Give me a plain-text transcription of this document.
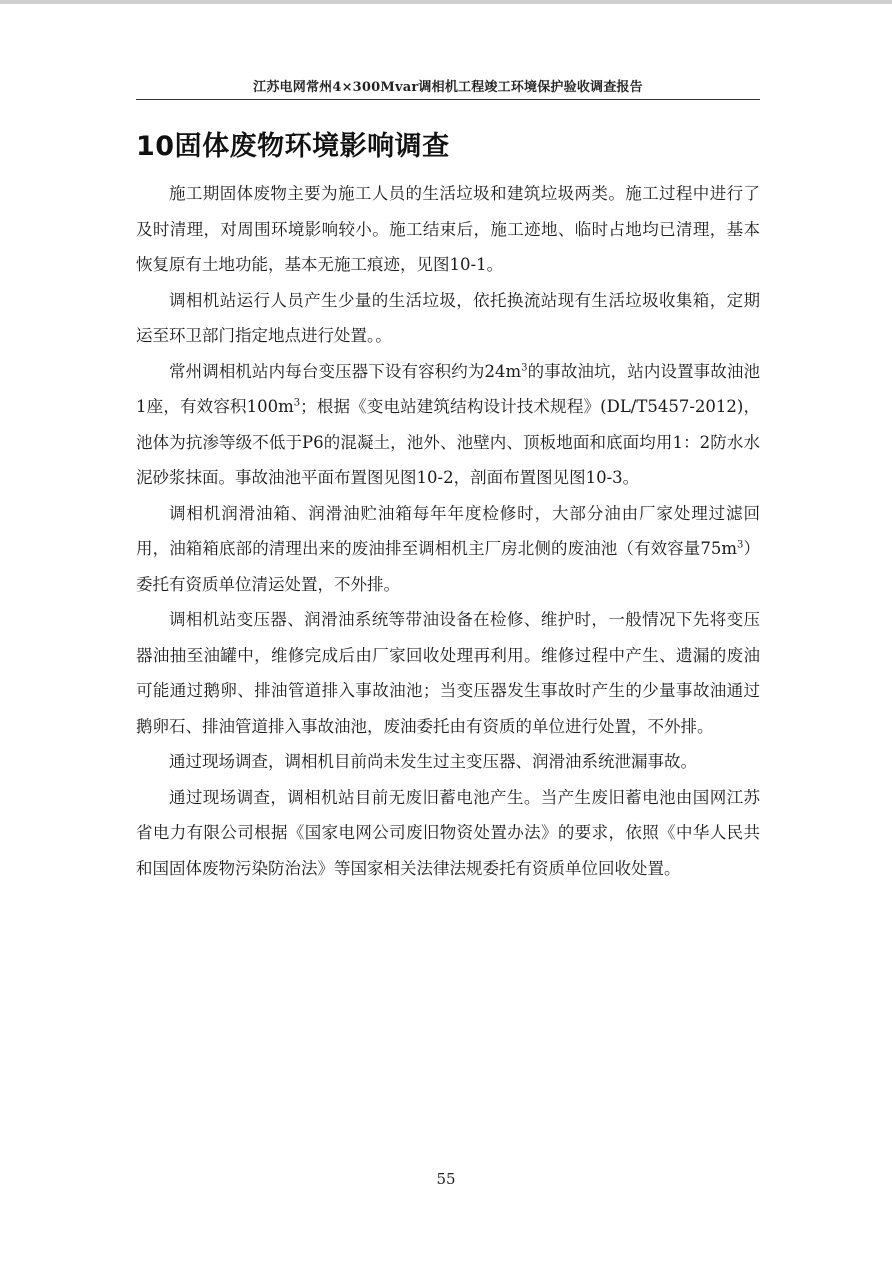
江苏电网常州4×300Mvar调相机工程竣工环境保护验收调查报告
10固体废物环境影响调查

施工期固体废物主要为施工人员的生活垃圾和建筑垃圾两类。施工过程中进行了及时清理，对周围环境影响较小。施工结束后，施工迹地、临时占地均已清理，基本恢复原有土地功能，基本无施工痕迹，见图10-1。

调相机站运行人员产生少量的生活垃圾，依托换流站现有生活垃圾收集箱，定期运至环卫部门指定地点进行处置。。

常州调相机站内每台变压器下设有容积约为$24m^3$的事故油坑，站内设置事故油池1座，有效容积$100m^3$；根据《变电站建筑结构设计技术规程》(DL/T5457-2012)，池体为抗渗等级不低于P6的混凝土，池外、池壁内、顶板地面和底面均用1：2防水水泥砂浆抹面。事故油池平面布置图见图10-2，剖面布置图见图10-3。

调相机润滑油箱、润滑油贮油箱每年年度检修时，大部分油由厂家处理过滤回用，油箱箱底部的清理出来的废油排至调相机主厂房北侧的废油池（有效容量$75m^3$）委托有资质单位清运处置，不外排。

调相机站变压器、润滑油系统等带油设备在检修、维护时，一般情况下先将变压器油抽至油罐中，维修完成后由厂家回收处理再利用。维修过程中产生、遗漏的废油可能通过鹅卵、排油管道排入事故油池；当变压器发生事故时产生的少量事故油通过鹅卵石、排油管道排入事故油池，废油委托由有资质的单位进行处置，不外排。

通过现场调查，调相机目前尚未发生过主变压器、润滑油系统泄漏事故。

通过现场调查，调相机站目前无废旧蓄电池产生。当产生废旧蓄电池由国网江苏省电力有限公司根据《国家电网公司废旧物资处置办法》的要求，依照《中华人民共和国固体废物污染防治法》等国家相关法律法规委托有资质单位回收处置。

55
